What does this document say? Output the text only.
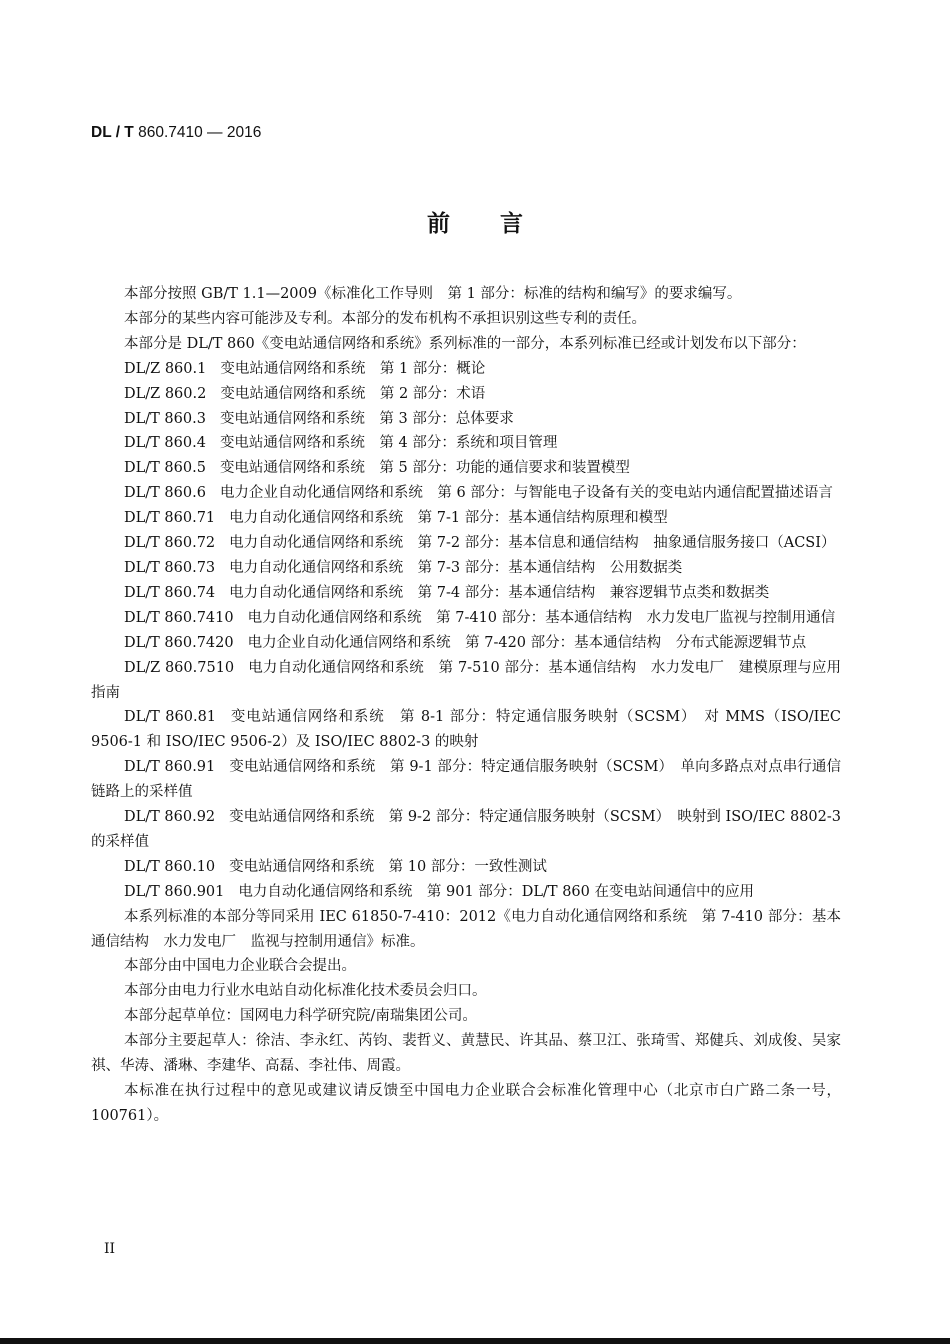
DL / T 860.7410 — 2016
前言

本部分按照 GB/T 1.1—2009《标准化工作导则　第 1 部分：标准的结构和编写》的要求编写。

本部分的某些内容可能涉及专利。本部分的发布机构不承担识别这些专利的责任。

本部分是 DL/T 860《变电站通信网络和系统》系列标准的一部分，本系列标准已经或计划发布以下部分：

DL/Z 860.1 变电站通信网络和系统　第 1 部分：概论

DL/Z 860.2 变电站通信网络和系统　第 2 部分：术语

DL/T 860.3 变电站通信网络和系统　第 3 部分：总体要求

DL/T 860.4 变电站通信网络和系统　第 4 部分：系统和项目管理

DL/T 860.5 变电站通信网络和系统　第 5 部分：功能的通信要求和装置模型

DL/T 860.6 电力企业自动化通信网络和系统　第 6 部分：与智能电子设备有关的变电站内通信配置描述语言

DL/T 860.71 电力自动化通信网络和系统　第 7-1 部分：基本通信结构原理和模型

DL/T 860.72 电力自动化通信网络和系统　第 7-2 部分：基本信息和通信结构　抽象通信服务接口（ACSI）

DL/T 860.73 电力自动化通信网络和系统　第 7-3 部分：基本通信结构　公用数据类

DL/T 860.74 电力自动化通信网络和系统　第 7-4 部分：基本通信结构　兼容逻辑节点类和数据类

DL/T 860.7410 电力自动化通信网络和系统　第 7-410 部分：基本通信结构　水力发电厂监视与控制用通信

DL/T 860.7420 电力企业自动化通信网络和系统　第 7-420 部分：基本通信结构　分布式能源逻辑节点

DL/Z 860.7510 电力自动化通信网络和系统　第 7-510 部分：基本通信结构　水力发电厂　建模原理与应用指南

DL/T 860.81 变电站通信网络和系统　第 8-1 部分：特定通信服务映射（SCSM）　对 MMS（ISO/IEC 9506-1 和 ISO/IEC 9506-2）及 ISO/IEC 8802-3 的映射

DL/T 860.91 变电站通信网络和系统　第 9-1 部分：特定通信服务映射（SCSM）　单向多路点对点串行通信链路上的采样值

DL/T 860.92 变电站通信网络和系统　第 9-2 部分：特定通信服务映射（SCSM）　映射到 ISO/IEC 8802-3 的采样值

DL/T 860.10 变电站通信网络和系统　第 10 部分：一致性测试

DL/T 860.901 电力自动化通信网络和系统　第 901 部分：DL/T 860 在变电站间通信中的应用

本系列标准的本部分等同采用 IEC 61850-7-410：2012《电力自动化通信网络和系统　第 7-410 部分：基本通信结构　水力发电厂　监视与控制用通信》标准。

本部分由中国电力企业联合会提出。

本部分由电力行业水电站自动化标准化技术委员会归口。

本部分起草单位：国网电力科学研究院/南瑞集团公司。

本部分主要起草人：徐洁、李永红、芮钧、裴哲义、黄慧民、许其品、蔡卫江、张琦雪、郑健兵、刘成俊、吴家祺、华涛、潘琳、李建华、高磊、李社伟、周霞。

本标准在执行过程中的意见或建议请反馈至中国电力企业联合会标准化管理中心（北京市白广路二条一号，100761）。

II
